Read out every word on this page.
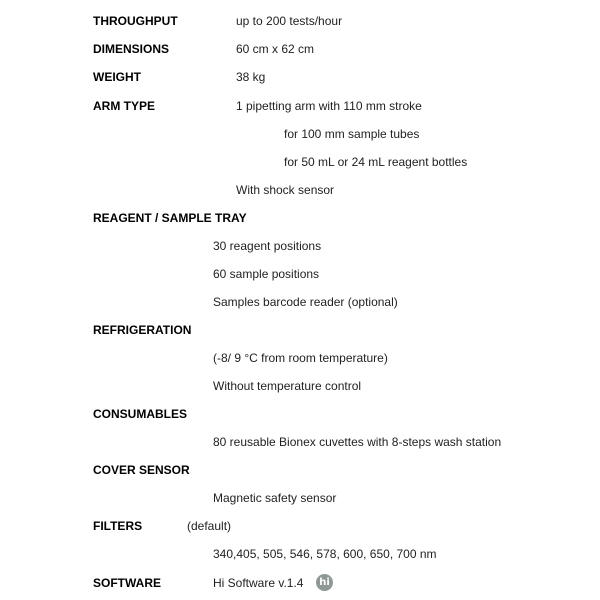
THROUGHPUT	up to 200 tests/hour
DIMENSIONS	60 cm x 62 cm
WEIGHT	38 kg
ARM TYPE	1 pipetting arm with 110 mm stroke
for 100 mm sample tubes
for 50 mL or 24 mL reagent bottles
With shock sensor
REAGENT / SAMPLE TRAY
30 reagent positions
60 sample positions
Samples barcode reader (optional)
REFRIGERATION
(-8/ 9 °C from room temperature)
Without temperature control
CONSUMABLES
80 reusable Bionex cuvettes with 8-steps wash station
COVER SENSOR
Magnetic safety sensor
FILTERS	(default)
340,405, 505, 546, 578, 600, 650, 700 nm
SOFTWARE	Hi Software v.1.4 hi
